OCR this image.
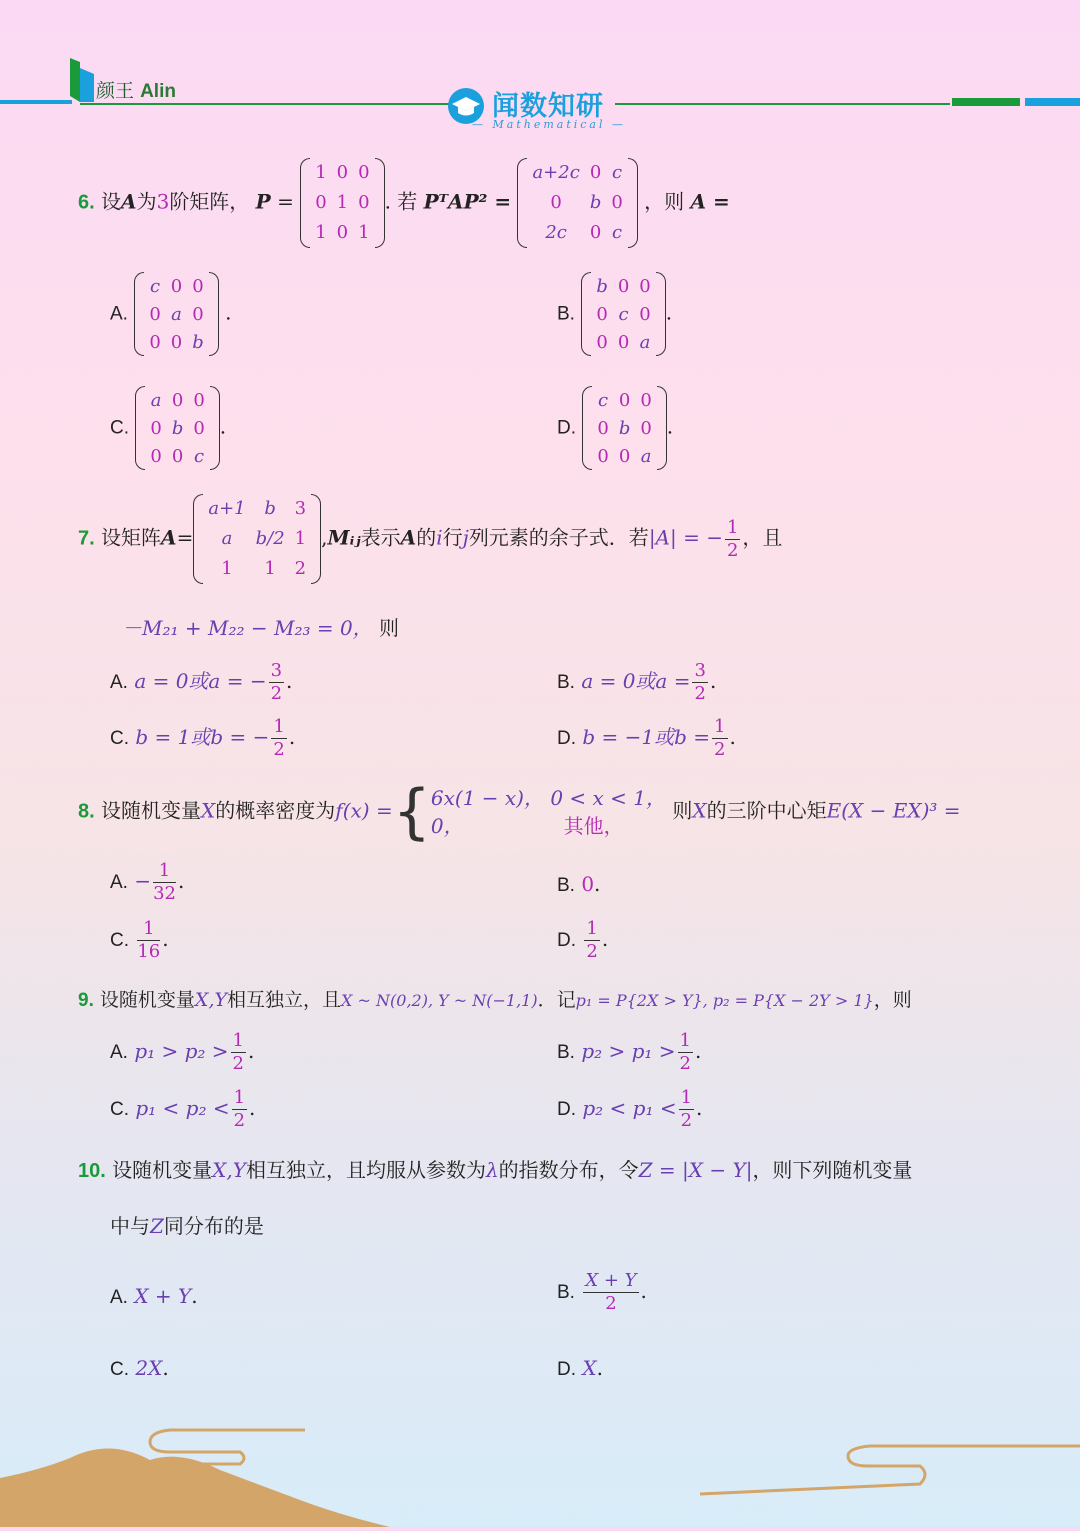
颜王 Alin	闻数知研
— Mathematical —
6. 设A为3阶矩阵， P =
1	0	0
0	1	0
1	0	1
. 若 PᵀAP² =
a+2c	0	c
0	b	0
2c	0	c
，则 A =
A.
c	0	0
0	a	0
0	0	b
.	B.
b	0	0
0	c	0
0	0	a
.
C.
a	0	0
0	b	0
0	0	c
.	D.
c	0	0
0	b	0
0	0	a
.
7. 设矩阵A=
a+1	b	3
a	b/2	1
1	1	2
,Mᵢⱼ表示A的i行j列元素的余子式．若|A| = − $\frac{1}{2}$ ，且
－M₂₁ + M₂₂ − M₂₃ = 0， 则
A. a = 0或a = − $\frac{3}{2}$ .	B. a = 0或$a = \frac{3}{2}$ .
C. b = 1或b = − $\frac{1}{2}$ .	D. b = −1或$b = \frac{1}{2}$ .
8. 设随机变量X的概率密度为f(x) ={6x(1 − x)， 0 < x < 1，
0，	其他， 则X的三阶中心矩E(X − EX)³ =
A. − $\frac{1}{32}$ .	B. 0.
C. $\frac{1}{16}$ .	D. $\frac{1}{2}$ .
9. 设随机变量X,Y相互独立，且X ~ N(0,2), Y ~ N(−1,1)．记p₁ = P{2X > Y}, p₂ = P{X − 2Y > 1}，则
A. $p_1 > p_2 > \frac{1}{2}$ .	B. $p_2 > p_1 > \frac{1}{2}$ .
C. $p_1 < p_2 < \frac{1}{2}$ .	D. $p_2 < p_1 < \frac{1}{2}$ .
10. 设随机变量X,Y相互独立，且均服从参数为λ的指数分布，令Z = |X − Y|，则下列随机变量
中与Z同分布的是
A. X + Y.	B. $\frac{X + Y}{2}$ .
C. 2X.	D. X.
